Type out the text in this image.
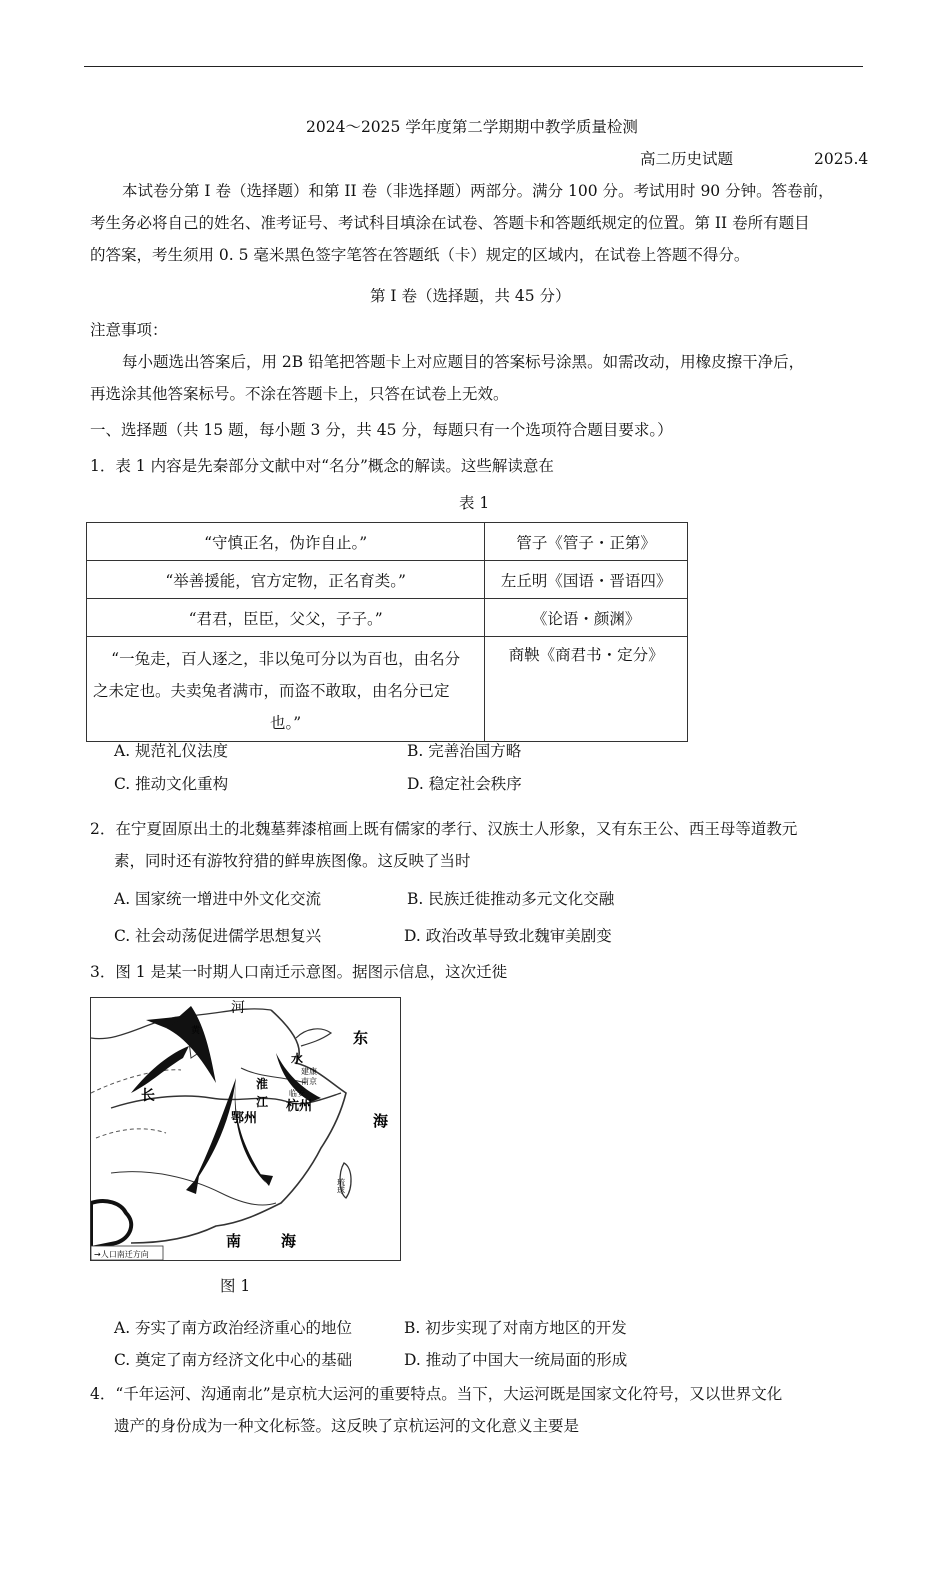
2024～2025 学年度第二学期期中教学质量检测
高二历史试题	2025.4
本试卷分第 I 卷（选择题）和第 II 卷（非选择题）两部分。满分 100 分。考试用时 90 分钟。答卷前，
考生务必将自己的姓名、准考证号、考试科目填涂在试卷、答题卡和答题纸规定的位置。第 II 卷所有题目
的答案，考生须用 0. 5 毫米黑色签字笔答在答题纸（卡）规定的区域内，在试卷上答题不得分。
第 I 卷（选择题，共 45 分）
注意事项：
每小题选出答案后，用 2B 铅笔把答题卡上对应题目的答案标号涂黑。如需改动，用橡皮擦干净后，
再选涂其他答案标号。不涂在答题卡上，只答在试卷上无效。
一、选择题（共 15 题，每小题 3 分，共 45 分，每题只有一个选项符合题目要求。）
1．表 1 内容是先秦部分文献中对“名分”概念的解读。这些解读意在
表 1
“守慎正名，伪诈自止。”	管子《管子・正第》
“举善援能，官方定物，正名育类。”	左丘明《国语・晋语四》
“君君，臣臣，父父，子子。”	《论语・颜渊》

“一兔走，百人逐之，非以兔可分以为百也，由名分
之未定也。夫卖兔者满市，而盗不敢取，由名分已定
也。”	商鞅《商君书・定分》
A. 规范礼仪法度	B. 完善治国方略
C. 推动文化重构	D. 稳定社会秩序
2．在宁夏固原出土的北魏墓葬漆棺画上既有儒家的孝行、汉族士人形象，又有东王公、西王母等道教元
素，同时还有游牧狩猎的鲜卑族图像。这反映了当时
A. 国家统一增进中外文化交流	B. 民族迁徙推动多元文化交融
C. 社会动荡促进儒学思想复兴	D. 政治改革导致北魏审美剧变
3．图 1 是某一时期人口南迁示意图。据图示信息，这次迁徙
河
东
黄
长
淮
江
水
建康
南京
临安
杭州
鄂州	海
南	海
琉球
→人口南迁方向
图 1
A. 夯实了南方政治经济重心的地位	B. 初步实现了对南方地区的开发
C. 奠定了南方经济文化中心的基础	D. 推动了中国大一统局面的形成
4．“千年运河、沟通南北”是京杭大运河的重要特点。当下，大运河既是国家文化符号，又以世界文化
遗产的身份成为一种文化标签。这反映了京杭运河的文化意义主要是
